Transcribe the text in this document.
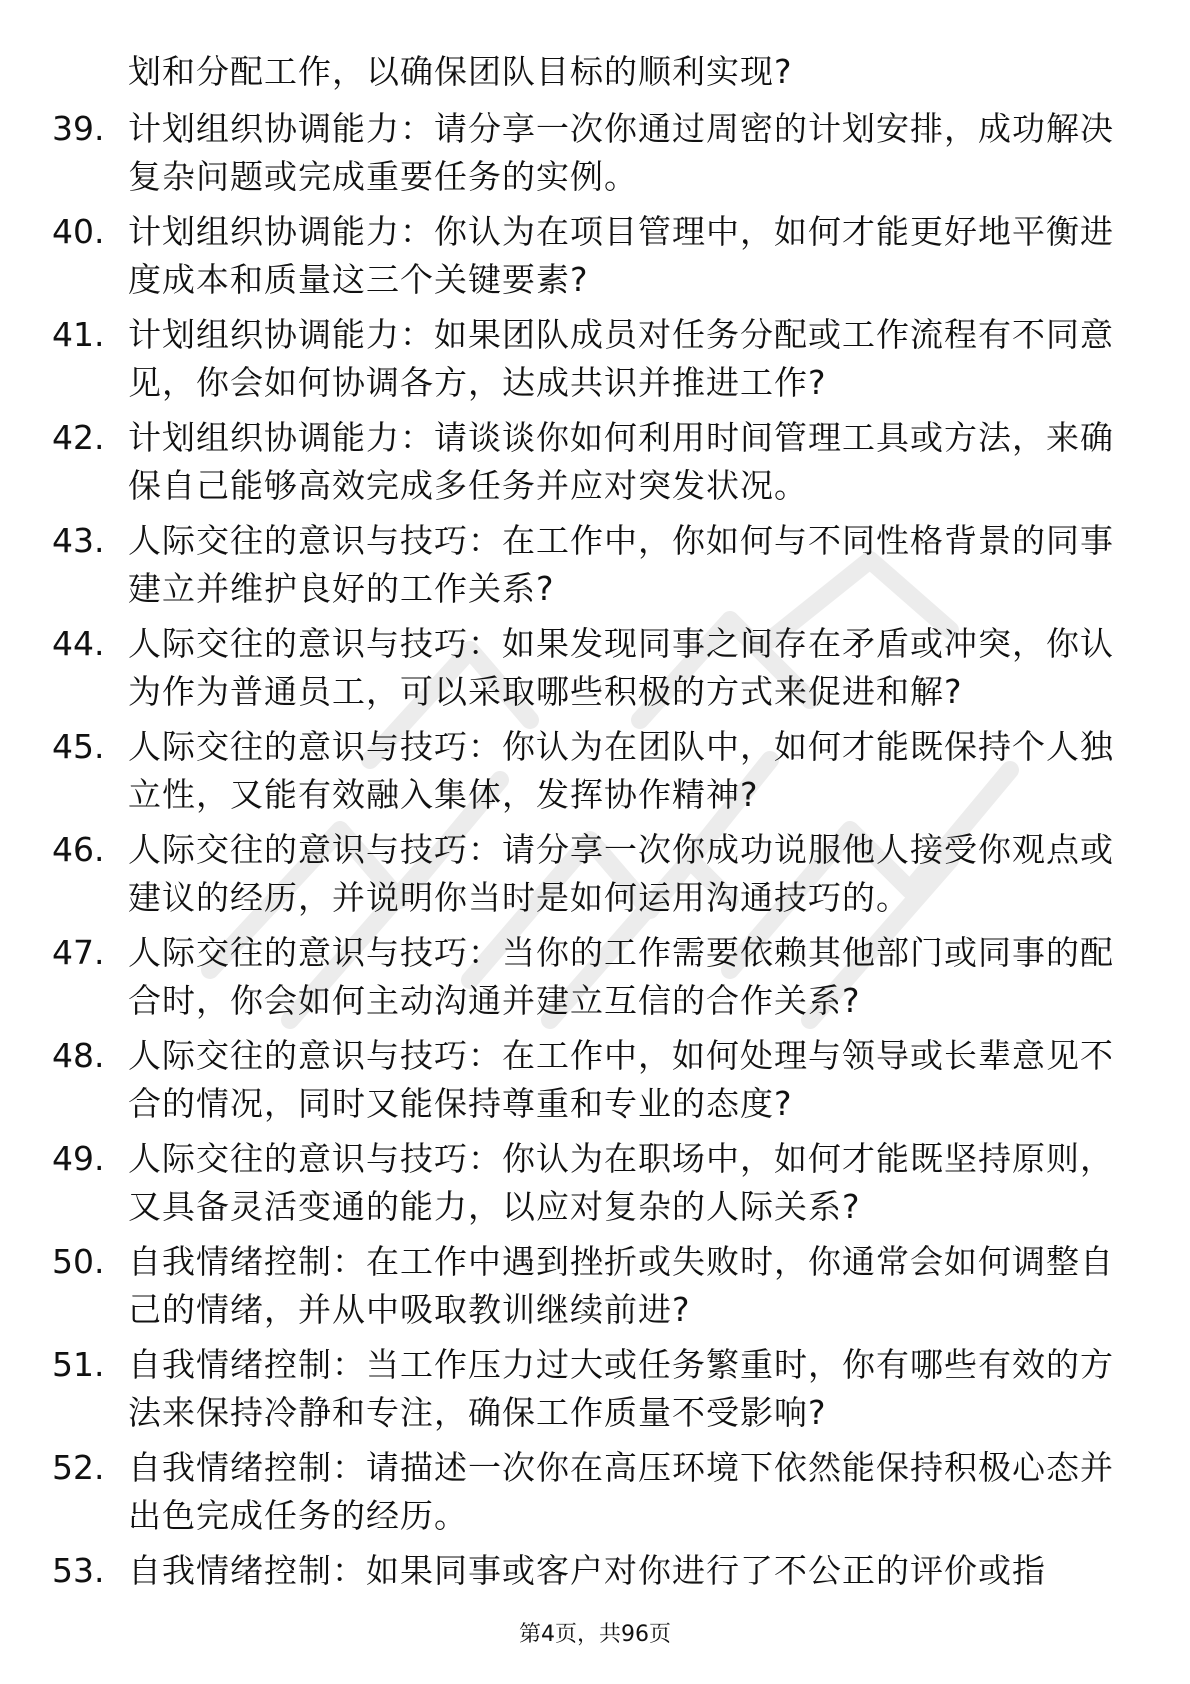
划和分配工作，以确保团队目标的顺利实现?

39. 计划组织协调能力：请分享一次你通过周密的计划安排，成功解决复杂问题或完成重要任务的实例。
40. 计划组织协调能力：你认为在项目管理中，如何才能更好地平衡进度成本和质量这三个关键要素?
41. 计划组织协调能力：如果团队成员对任务分配或工作流程有不同意见，你会如何协调各方，达成共识并推进工作?
42. 计划组织协调能力：请谈谈你如何利用时间管理工具或方法，来确保自己能够高效完成多任务并应对突发状况。
43. 人际交往的意识与技巧：在工作中，你如何与不同性格背景的同事建立并维护良好的工作关系?
44. 人际交往的意识与技巧：如果发现同事之间存在矛盾或冲突，你认为作为普通员工，可以采取哪些积极的方式来促进和解?
45. 人际交往的意识与技巧：你认为在团队中，如何才能既保持个人独立性，又能有效融入集体，发挥协作精神?
46. 人际交往的意识与技巧：请分享一次你成功说服他人接受你观点或建议的经历，并说明你当时是如何运用沟通技巧的。
47. 人际交往的意识与技巧：当你的工作需要依赖其他部门或同事的配合时，你会如何主动沟通并建立互信的合作关系?
48. 人际交往的意识与技巧：在工作中，如何处理与领导或长辈意见不合的情况，同时又能保持尊重和专业的态度?
49. 人际交往的意识与技巧：你认为在职场中，如何才能既坚持原则，又具备灵活变通的能力，以应对复杂的人际关系?
50. 自我情绪控制：在工作中遇到挫折或失败时，你通常会如何调整自己的情绪，并从中吸取教训继续前进?
51. 自我情绪控制：当工作压力过大或任务繁重时，你有哪些有效的方法来保持冷静和专注，确保工作质量不受影响?
52. 自我情绪控制：请描述一次你在高压环境下依然能保持积极心态并出色完成任务的经历。
53. 自我情绪控制：如果同事或客户对你进行了不公正的评价或指
第4页，共96页
